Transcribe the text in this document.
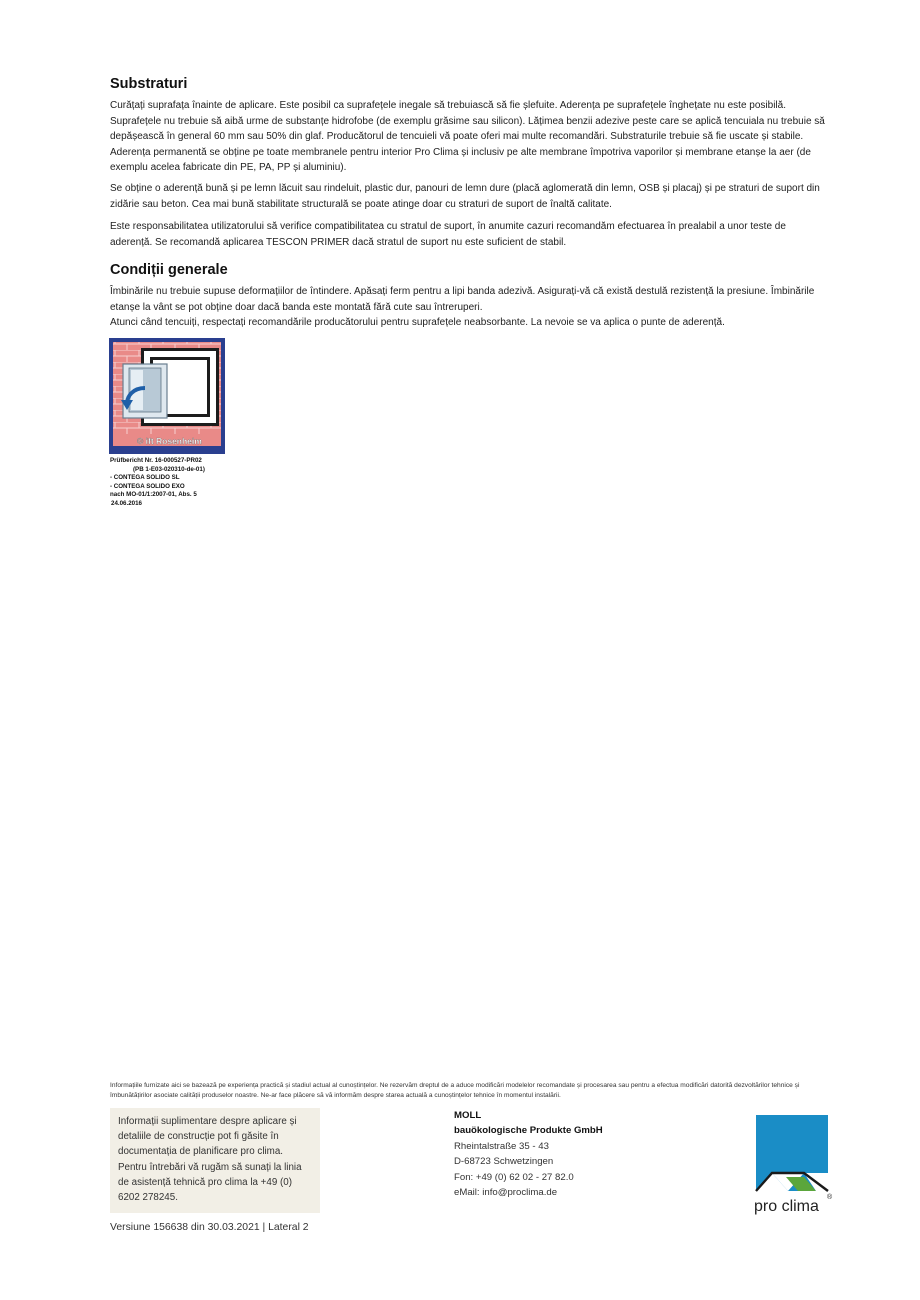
Substraturi

Curățați suprafața înainte de aplicare. Este posibil ca suprafețele inegale să trebuiască să fie șlefuite. Aderența pe suprafețele înghețate nu este posibilă. Suprafețele nu trebuie să aibă urme de substanțe hidrofobe (de exemplu grăsime sau silicon). Lățimea benzii adezive peste care se aplică tencuiala nu trebuie să depășească în general 60 mm sau 50% din glaf. Producătorul de tencuieli vă poate oferi mai multe recomandări. Substraturile trebuie să fie uscate și stabile. Aderența permanentă se obține pe toate membranele pentru interior Pro Clima și inclusiv pe alte membrane împotriva vaporilor și membrane etanșe la aer (de exemplu acelea fabricate din PE, PA, PP și aluminiu).

Se obține o aderență bună și pe lemn lăcuit sau rindeluit, plastic dur, panouri de lemn dure (placă aglomerată din lemn, OSB și placaj) și pe straturi de suport din zidărie sau beton. Cea mai bună stabilitate structurală se poate atinge doar cu straturi de suport de înaltă calitate.

Este responsabilitatea utilizatorului să verifice compatibilitatea cu stratul de suport, în anumite cazuri recomandăm efectuarea în prealabil a unor teste de aderență. Se recomandă aplicarea TESCON PRIMER dacă stratul de suport nu este suficient de stabil.

Condiții generale

Îmbinările nu trebuie supuse deformațiilor de întindere. Apăsați ferm pentru a lipi banda adezivă. Asigurați-vă că există destulă rezistență la presiune. Îmbinările etanșe la vânt se pot obține doar dacă banda este montată fără cute sau întreruperi.

Atunci când tencuiți, respectați recomandările producătorului pentru suprafețele neabsorbante. La nevoie se va aplica o punte de aderență.

© ift Rosenheim
Prüfbericht Nr. 16-000527-PR02
(PB 1-E03-020310-de-01)
- CONTEGA SOLIDO SL
- CONTEGA SOLIDO EXO
nach MO-01/1:2007-01, Abs. 5
24.06.2016

Informațiile furnizate aici se bazează pe experiența practică și stadiul actual al cunoștințelor. Ne rezervăm dreptul de a aduce modificări modelelor recomandate și procesarea sau pentru a efectua modificări datorită dezvoltărilor tehnice și îmbunătățirilor asociate calității produselor noastre. Ne-ar face plăcere să vă informăm despre starea actuală a cunoștințelor tehnice în momentul instalării.

Informații suplimentare despre aplicare și detaliile de construcție pot fi găsite în documentația de planificare pro clima. Pentru întrebări vă rugăm să sunați la linia de asistență tehnică pro clima la +49 (0) 6202 278245.

MOLL
bauökologische Produkte GmbH
Rheintalstraße 35 - 43
D-68723 Schwetzingen
Fon: +49 (0) 62 02 - 27 82.0
eMail: info@proclima.de
pro clima
®
Versiune 156638 din 30.03.2021 | Lateral 2
